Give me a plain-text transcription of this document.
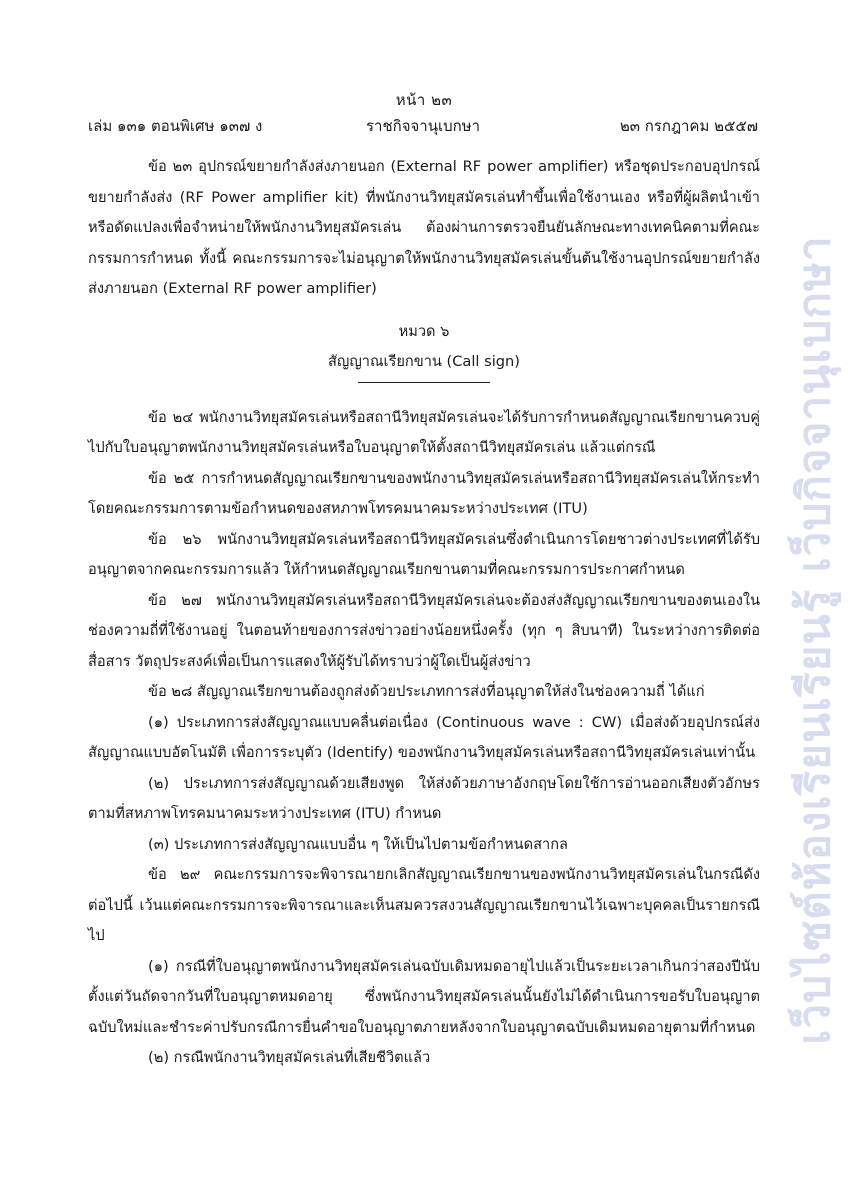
หน้า ๒๓
เล่ม ๑๓๑ ตอนพิเศษ ๑๓๗ ง	ราชกิจจานุเบกษา	๒๓ กรกฎาคม ๒๕๕๗

ข้อ ๒๓ อุปกรณ์ขยายกำลังส่งภายนอก (External RF power amplifier) หรือชุดประกอบอุปกรณ์ขยายกำลังส่ง (RF Power amplifier kit) ที่พนักงานวิทยุสมัครเล่นทำขึ้นเพื่อใช้งานเอง หรือที่ผู้ผลิตนำเข้า หรือดัดแปลงเพื่อจำหน่ายให้พนักงานวิทยุสมัครเล่น ต้องผ่านการตรวจยืนยันลักษณะทางเทคนิคตามที่คณะกรรมการกำหนด ทั้งนี้ คณะกรรมการจะไม่อนุญาตให้พนักงานวิทยุสมัครเล่นขั้นต้นใช้งานอุปกรณ์ขยายกำลังส่งภายนอก (External RF power amplifier)

หมวด ๖

สัญญาณเรียกขาน (Call sign)

ข้อ ๒๔ พนักงานวิทยุสมัครเล่นหรือสถานีวิทยุสมัครเล่นจะได้รับการกำหนดสัญญาณเรียกขานควบคู่ไปกับใบอนุญาตพนักงานวิทยุสมัครเล่นหรือใบอนุญาตให้ตั้งสถานีวิทยุสมัครเล่น แล้วแต่กรณี

ข้อ ๒๕ การกำหนดสัญญาณเรียกขานของพนักงานวิทยุสมัครเล่นหรือสถานีวิทยุสมัครเล่นให้กระทำโดยคณะกรรมการตามข้อกำหนดของสหภาพโทรคมนาคมระหว่างประเทศ (ITU)

ข้อ ๒๖ พนักงานวิทยุสมัครเล่นหรือสถานีวิทยุสมัครเล่นซึ่งดำเนินการโดยชาวต่างประเทศที่ได้รับอนุญาตจากคณะกรรมการแล้ว ให้กำหนดสัญญาณเรียกขานตามที่คณะกรรมการประกาศกำหนด

ข้อ ๒๗ พนักงานวิทยุสมัครเล่นหรือสถานีวิทยุสมัครเล่นจะต้องส่งสัญญาณเรียกขานของตนเองในช่องความถี่ที่ใช้งานอยู่ ในตอนท้ายของการส่งข่าวอย่างน้อยหนึ่งครั้ง (ทุก ๆ สิบนาที) ในระหว่างการติดต่อสื่อสาร วัตถุประสงค์เพื่อเป็นการแสดงให้ผู้รับได้ทราบว่าผู้ใดเป็นผู้ส่งข่าว

ข้อ ๒๘ สัญญาณเรียกขานต้องถูกส่งด้วยประเภทการส่งที่อนุญาตให้ส่งในช่องความถี่ ได้แก่

(๑) ประเภทการส่งสัญญาณแบบคลื่นต่อเนื่อง (Continuous wave : CW) เมื่อส่งด้วยอุปกรณ์ส่งสัญญาณแบบอัตโนมัติ เพื่อการระบุตัว (Identify) ของพนักงานวิทยุสมัครเล่นหรือสถานีวิทยุสมัครเล่นเท่านั้น

(๒) ประเภทการส่งสัญญาณด้วยเสียงพูด ให้ส่งด้วยภาษาอังกฤษโดยใช้การอ่านออกเสียงตัวอักษรตามที่สหภาพโทรคมนาคมระหว่างประเทศ (ITU) กำหนด

(๓) ประเภทการส่งสัญญาณแบบอื่น ๆ ให้เป็นไปตามข้อกำหนดสากล

ข้อ ๒๙ คณะกรรมการจะพิจารณายกเลิกสัญญาณเรียกขานของพนักงานวิทยุสมัครเล่นในกรณีดังต่อไปนี้ เว้นแต่คณะกรรมการจะพิจารณาและเห็นสมควรสงวนสัญญาณเรียกขานไว้เฉพาะบุคคลเป็นรายกรณีไป

(๑) กรณีที่ใบอนุญาตพนักงานวิทยุสมัครเล่นฉบับเดิมหมดอายุไปแล้วเป็นระยะเวลาเกินกว่าสองปีนับตั้งแต่วันถัดจากวันที่ใบอนุญาตหมดอายุ ซึ่งพนักงานวิทยุสมัครเล่นนั้นยังไม่ได้ดำเนินการขอรับใบอนุญาตฉบับใหม่และชำระค่าปรับกรณีการยื่นคำขอใบอนุญาตภายหลังจากใบอนุญาตฉบับเดิมหมดอายุตามที่กำหนด

(๒) กรณีพนักงานวิทยุสมัครเล่นที่เสียชีวิตแล้ว

เว็บไซต์ห้องเรียนเรียนรู้ เว็บกิจจานุเบกษา
